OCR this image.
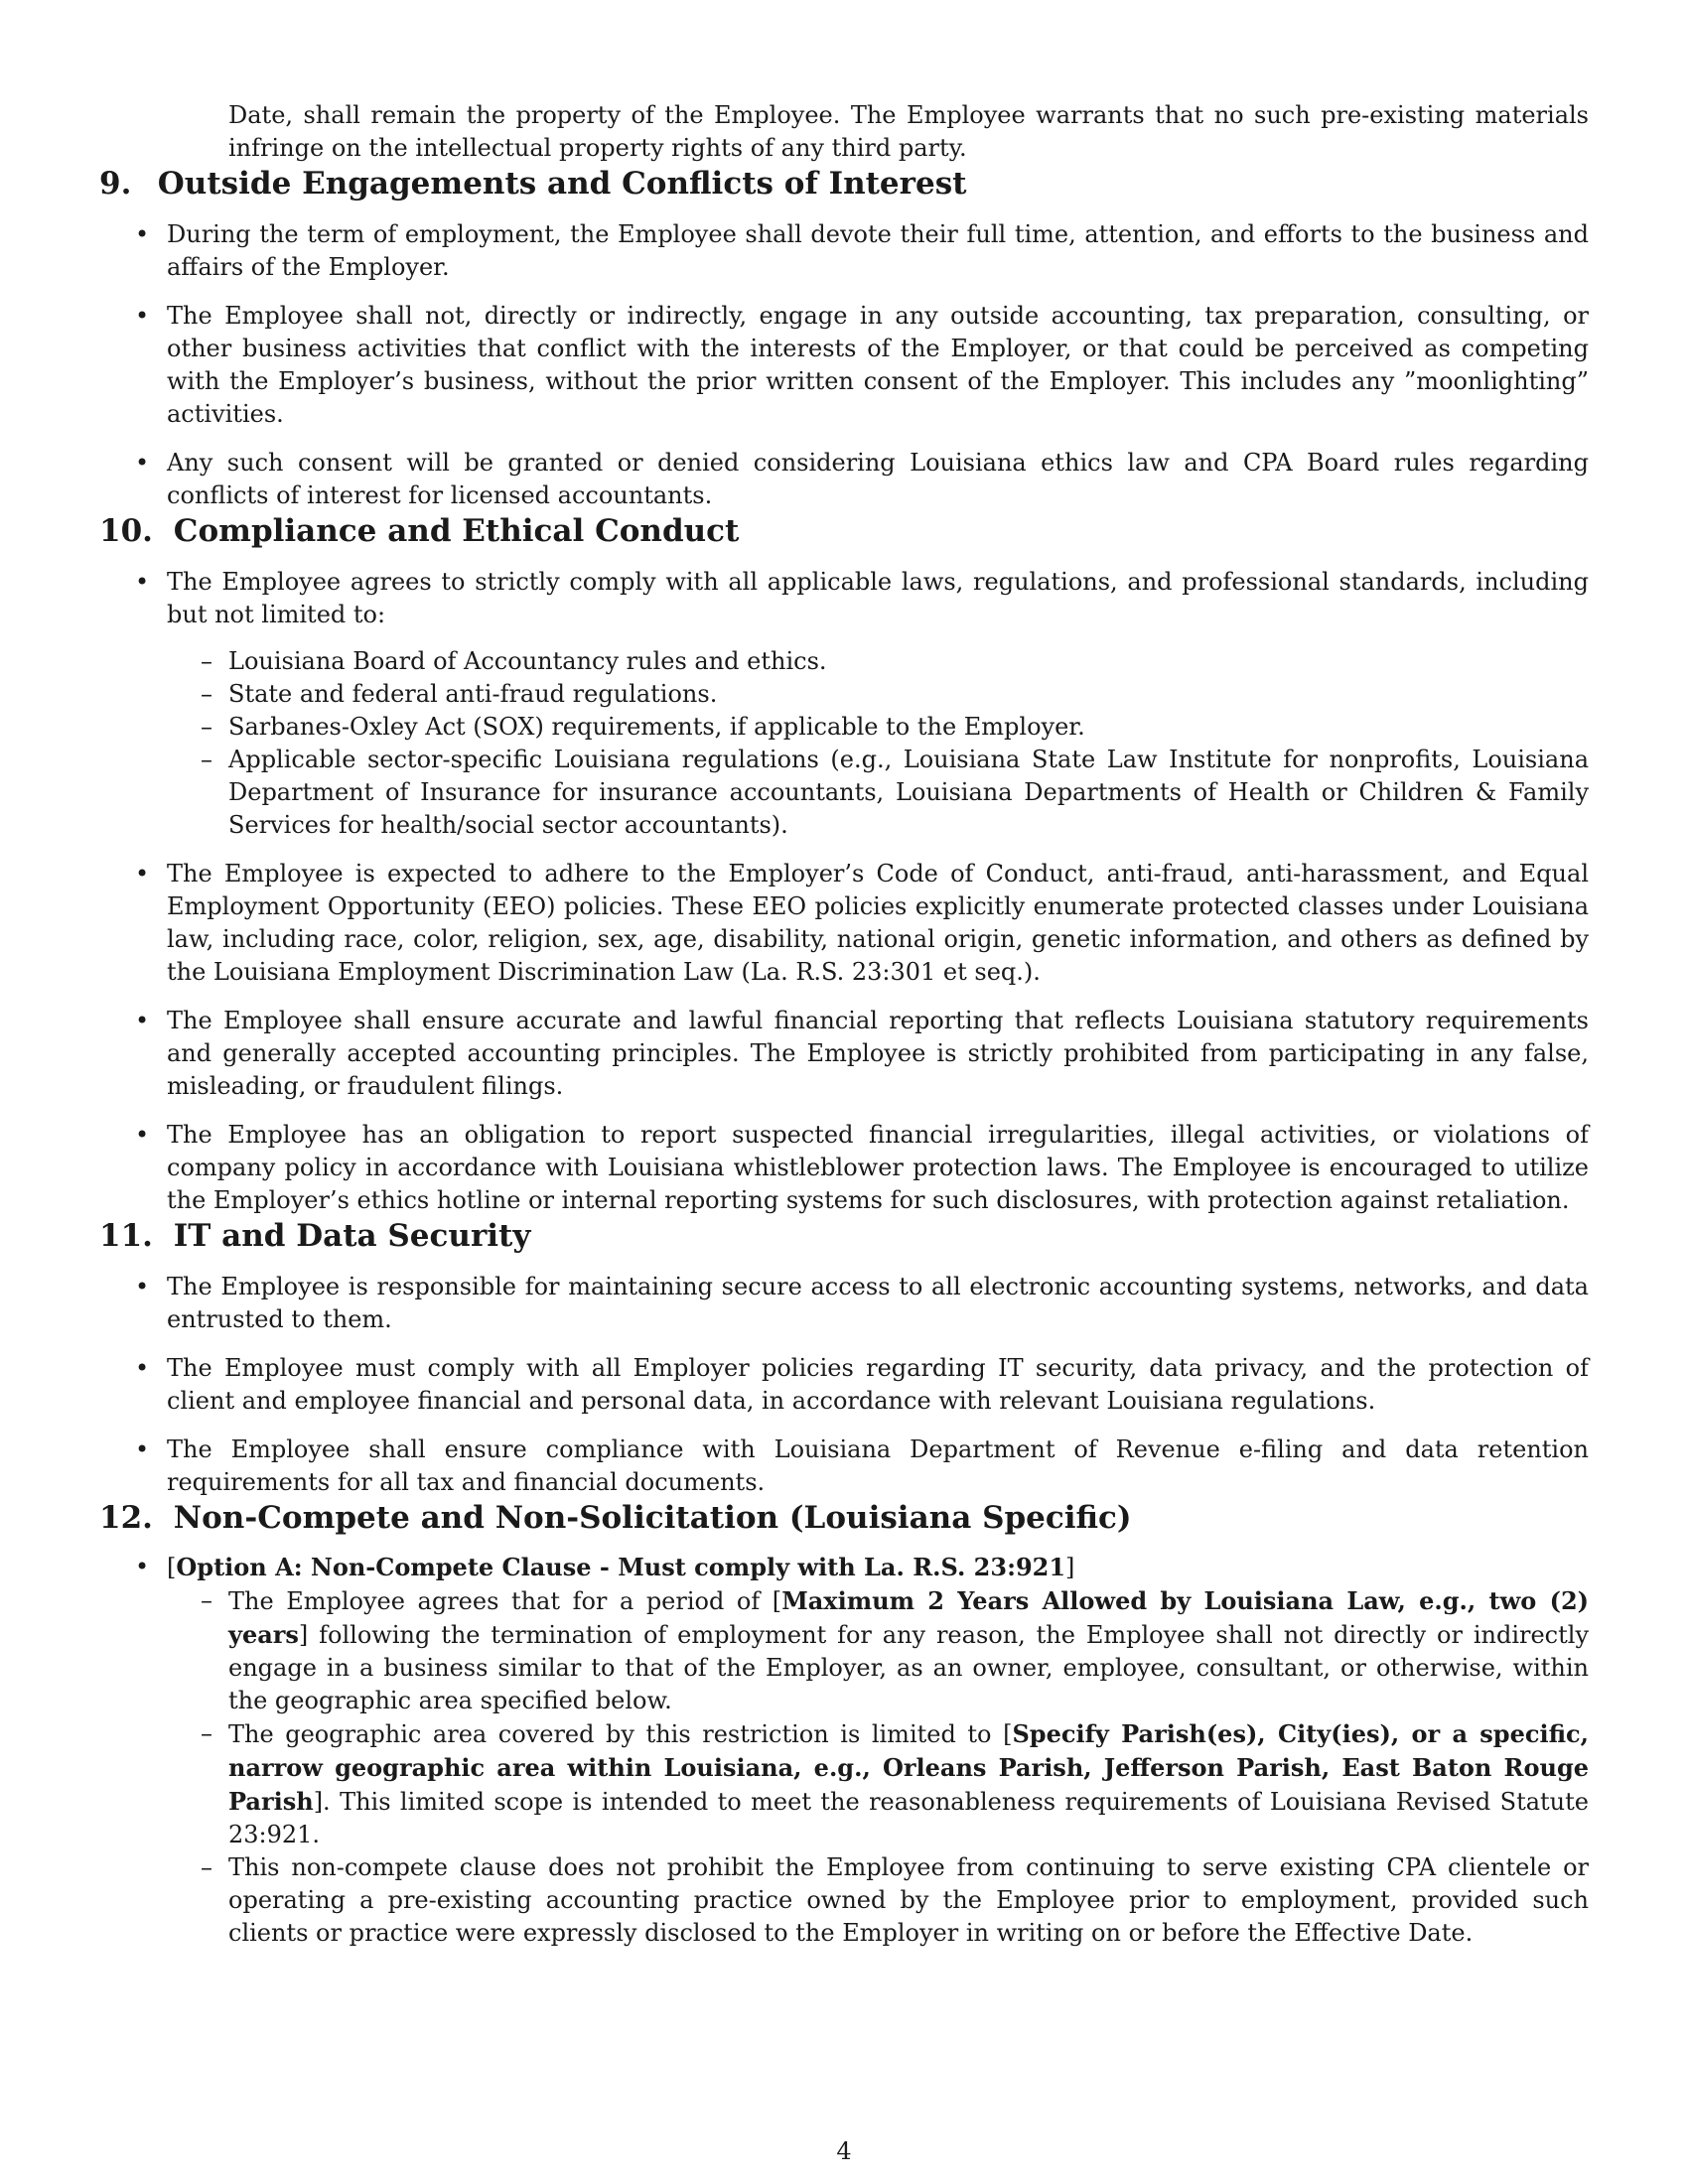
Date, shall remain the property of the Employee. The Employee warrants that no such pre-existing materials infringe on the intellectual property rights of any third party.

9. Outside Engagements and Conflicts of Interest
• During the term of employment, the Employee shall devote their full time, attention, and efforts to the business and affairs of the Employer.
• The Employee shall not, directly or indirectly, engage in any outside accounting, tax preparation, consulting, or other business activities that conflict with the interests of the Employer, or that could be perceived as competing with the Employer’s business, without the prior written consent of the Employer. This includes any ”moonlighting” activities.
• Any such consent will be granted or denied considering Louisiana ethics law and CPA Board rules regarding conflicts of interest for licensed accountants.
10. Compliance and Ethical Conduct
• The Employee agrees to strictly comply with all applicable laws, regulations, and professional standards, including but not limited to:
– Louisiana Board of Accountancy rules and ethics.
– State and federal anti-fraud regulations.
– Sarbanes-Oxley Act (SOX) requirements, if applicable to the Employer.
– Applicable sector-specific Louisiana regulations (e.g., Louisiana State Law Institute for nonprofits, Louisiana Department of Insurance for insurance accountants, Louisiana Departments of Health or Children & Family Services for health/social sector accountants).
• The Employee is expected to adhere to the Employer’s Code of Conduct, anti-fraud, anti-harassment, and Equal Employment Opportunity (EEO) policies. These EEO policies explicitly enumerate protected classes under Louisiana law, including race, color, religion, sex, age, disability, national origin, genetic information, and others as defined by the Louisiana Employment Discrimination Law (La. R.S. 23:301 et seq.).
• The Employee shall ensure accurate and lawful financial reporting that reflects Louisiana statutory requirements and generally accepted accounting principles. The Employee is strictly prohibited from participating in any false, misleading, or fraudulent filings.
• The Employee has an obligation to report suspected financial irregularities, illegal activities, or violations of company policy in accordance with Louisiana whistleblower protection laws. The Employee is encouraged to utilize the Employer’s ethics hotline or internal reporting systems for such disclosures, with protection against retaliation.
11. IT and Data Security
• The Employee is responsible for maintaining secure access to all electronic accounting systems, networks, and data entrusted to them.
• The Employee must comply with all Employer policies regarding IT security, data privacy, and the protection of client and employee financial and personal data, in accordance with relevant Louisiana regulations.
• The Employee shall ensure compliance with Louisiana Department of Revenue e-filing and data retention requirements for all tax and financial documents.
12. Non-Compete and Non-Solicitation (Louisiana Specific)
• [Option A: Non-Compete Clause - Must comply with La. R.S. 23:921]
– The Employee agrees that for a period of [Maximum 2 Years Allowed by Louisiana Law, e.g., two (2) years] following the termination of employment for any reason, the Employee shall not directly or indirectly engage in a business similar to that of the Employer, as an owner, employee, consultant, or otherwise, within the geographic area specified below.
– The geographic area covered by this restriction is limited to [Specify Parish(es), City(ies), or a specific, narrow geographic area within Louisiana, e.g., Orleans Parish, Jefferson Parish, East Baton Rouge Parish]. This limited scope is intended to meet the reasonableness requirements of Louisiana Revised Statute 23:921.
– This non-compete clause does not prohibit the Employee from continuing to serve existing CPA clientele or operating a pre-existing accounting practice owned by the Employee prior to employment, provided such clients or practice were expressly disclosed to the Employer in writing on or before the Effective Date.
4
